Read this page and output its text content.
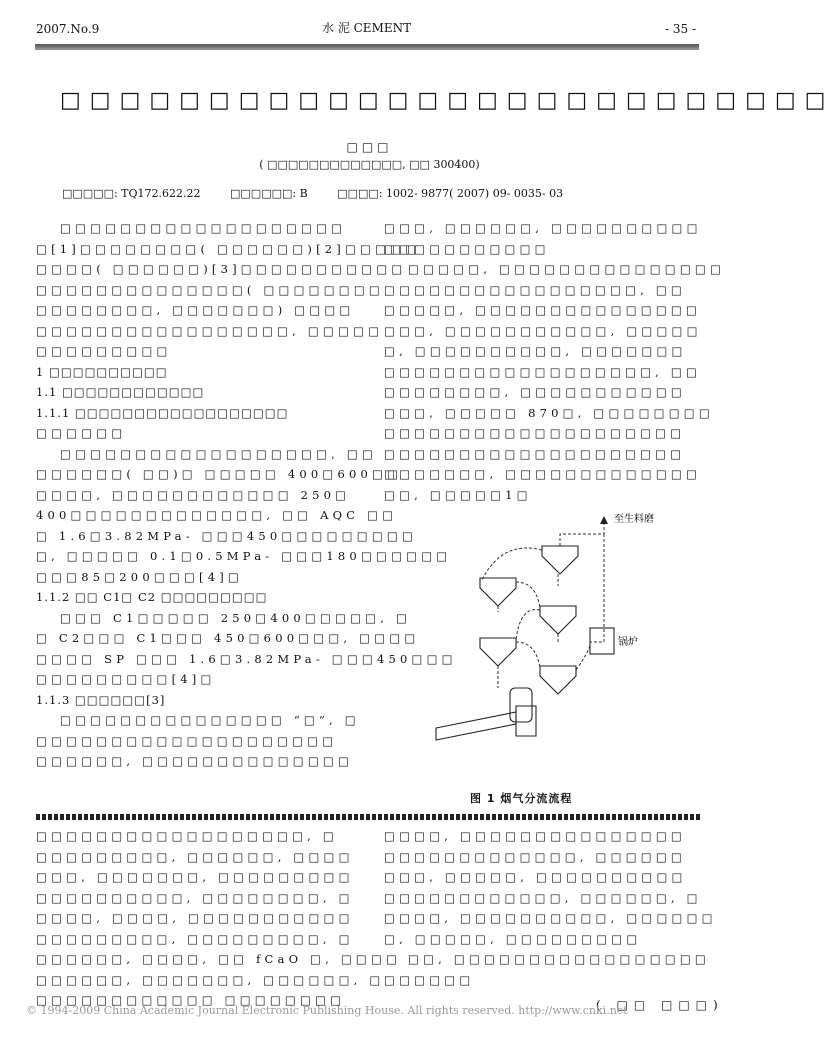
2007.No.9	水 泥 CEMENT	- 35 -
□□□□□□□□□□□□□□□□□□□□□□□□□□
□□□
( □□□□□□□□□□□□□, □□ 300400)
□□□□□: TQ172.622.22	□□□□□□: B	□□□□: 1002- 9877( 2007) 09- 0035- 03

□□□□□□□□□□□□□□□□□□□

□[1]□□□□□□□□( □□□□□□)[2]□□□□□

□□□□( □□□□□□)[3]□□□□□□□□□□□

□□□□□□□□□□□□□□( □□□□□□□□

□□□□□□□□, □□□□□□□) □□□□

□□□□□□□□□□□□□□□□□, □□□□□

□□□□□□□□□

1 □□□□□□□□□□

1.1 □□□□□□□□□□□□

1.1.1 □□□□□□□□□□□□□□□□□□

□□□□□□

□□□□□□□□□□□□□□□□□□, □□

□□□□□□( □□)□ □□□□□ 400□600□□

□□□□, □□□□□□□□□□□□ 250□

400□□□□□□□□□□□□□, □□ AQC □□

□ 1.6□3.82MPa- □□□450□□□□□□□□□

□, □□□□□ 0.1□0.5MPa- □□□180□□□□□□

□□□85□200□□□[4]□

1.1.2 □□ C1□ C2 □□□□□□□□□

□□□ C1□□□□□ 250□400□□□□□, □

□ C2□□□ C1□□□ 450□600□□□, □□□□

□□□□ SP □□□ 1.6□3.82MPa- □□□450□□□

□□□□□□□□□[4]□

1.1.3 □□□□□□[3]

□□□□□□□□□□□□□□□ “□”, □

□□□□□□□□□□□□□□□□□□□□

□□□□□□, □□□□□□□□□□□□□□

□□□, □□□□□□, □□□□□□□□□□

□□□□□□□□□□□

□□□□□, □□□□□□□□□□□□□□□

□□□□□□□□□□□□□□□□□, □□

□□□□□, □□□□□□□□□□□□□□□

□□□, □□□□□□□□□□□, □□□□□

□, □□□□□□□□□□, □□□□□□□

□□□□□□□□□□□□□□□□□□, □□

□□□□□□□□, □□□□□□□□□□□

□□□, □□□□□ 870□, □□□□□□□□

□□□□□□□□□□□□□□□□□□□□

□□□□□□□□□□□□□□□□□□□□

□□□□□□□, □□□□□□□□□□□□□

□□, □□□□□1□

至生料磨
锅炉
图 1 烟气分流流程

□□□□□□□□□□□□□□□□□□, □

□□□□□□□□□, □□□□□□, □□□□

□□□, □□□□□□□, □□□□□□□□□

□□□□□□□□□□, □□□□□□□□, □

□□□□, □□□□, □□□□□□□□□□□

□□□□□□□□□, □□□□□□□□□, □

□□□□□□, □□□□, □□ fCaO □, □□□□

□□□□□□, □□□□□□□, □□□□□□, □

□□□□□□□□□□□□ □□□□□□□□

□□□□, □□□□□□□□□□□□□□□

□□□□□□□□□□□□□, □□□□□□

□□□, □□□□□, □□□□□□□□□□

□□□□□□□□□□□□, □□□□□□, □

□□□□, □□□□□□□□□□, □□□□□□

□, □□□□□, □□□□□□□□□

□□, □□□□□□□□□□□□□□□□□

□□□□□□

( □□ □□□)
© 1994-2009 China Academic Journal Electronic Publishing House. All rights reserved. http://www.cnki.net
